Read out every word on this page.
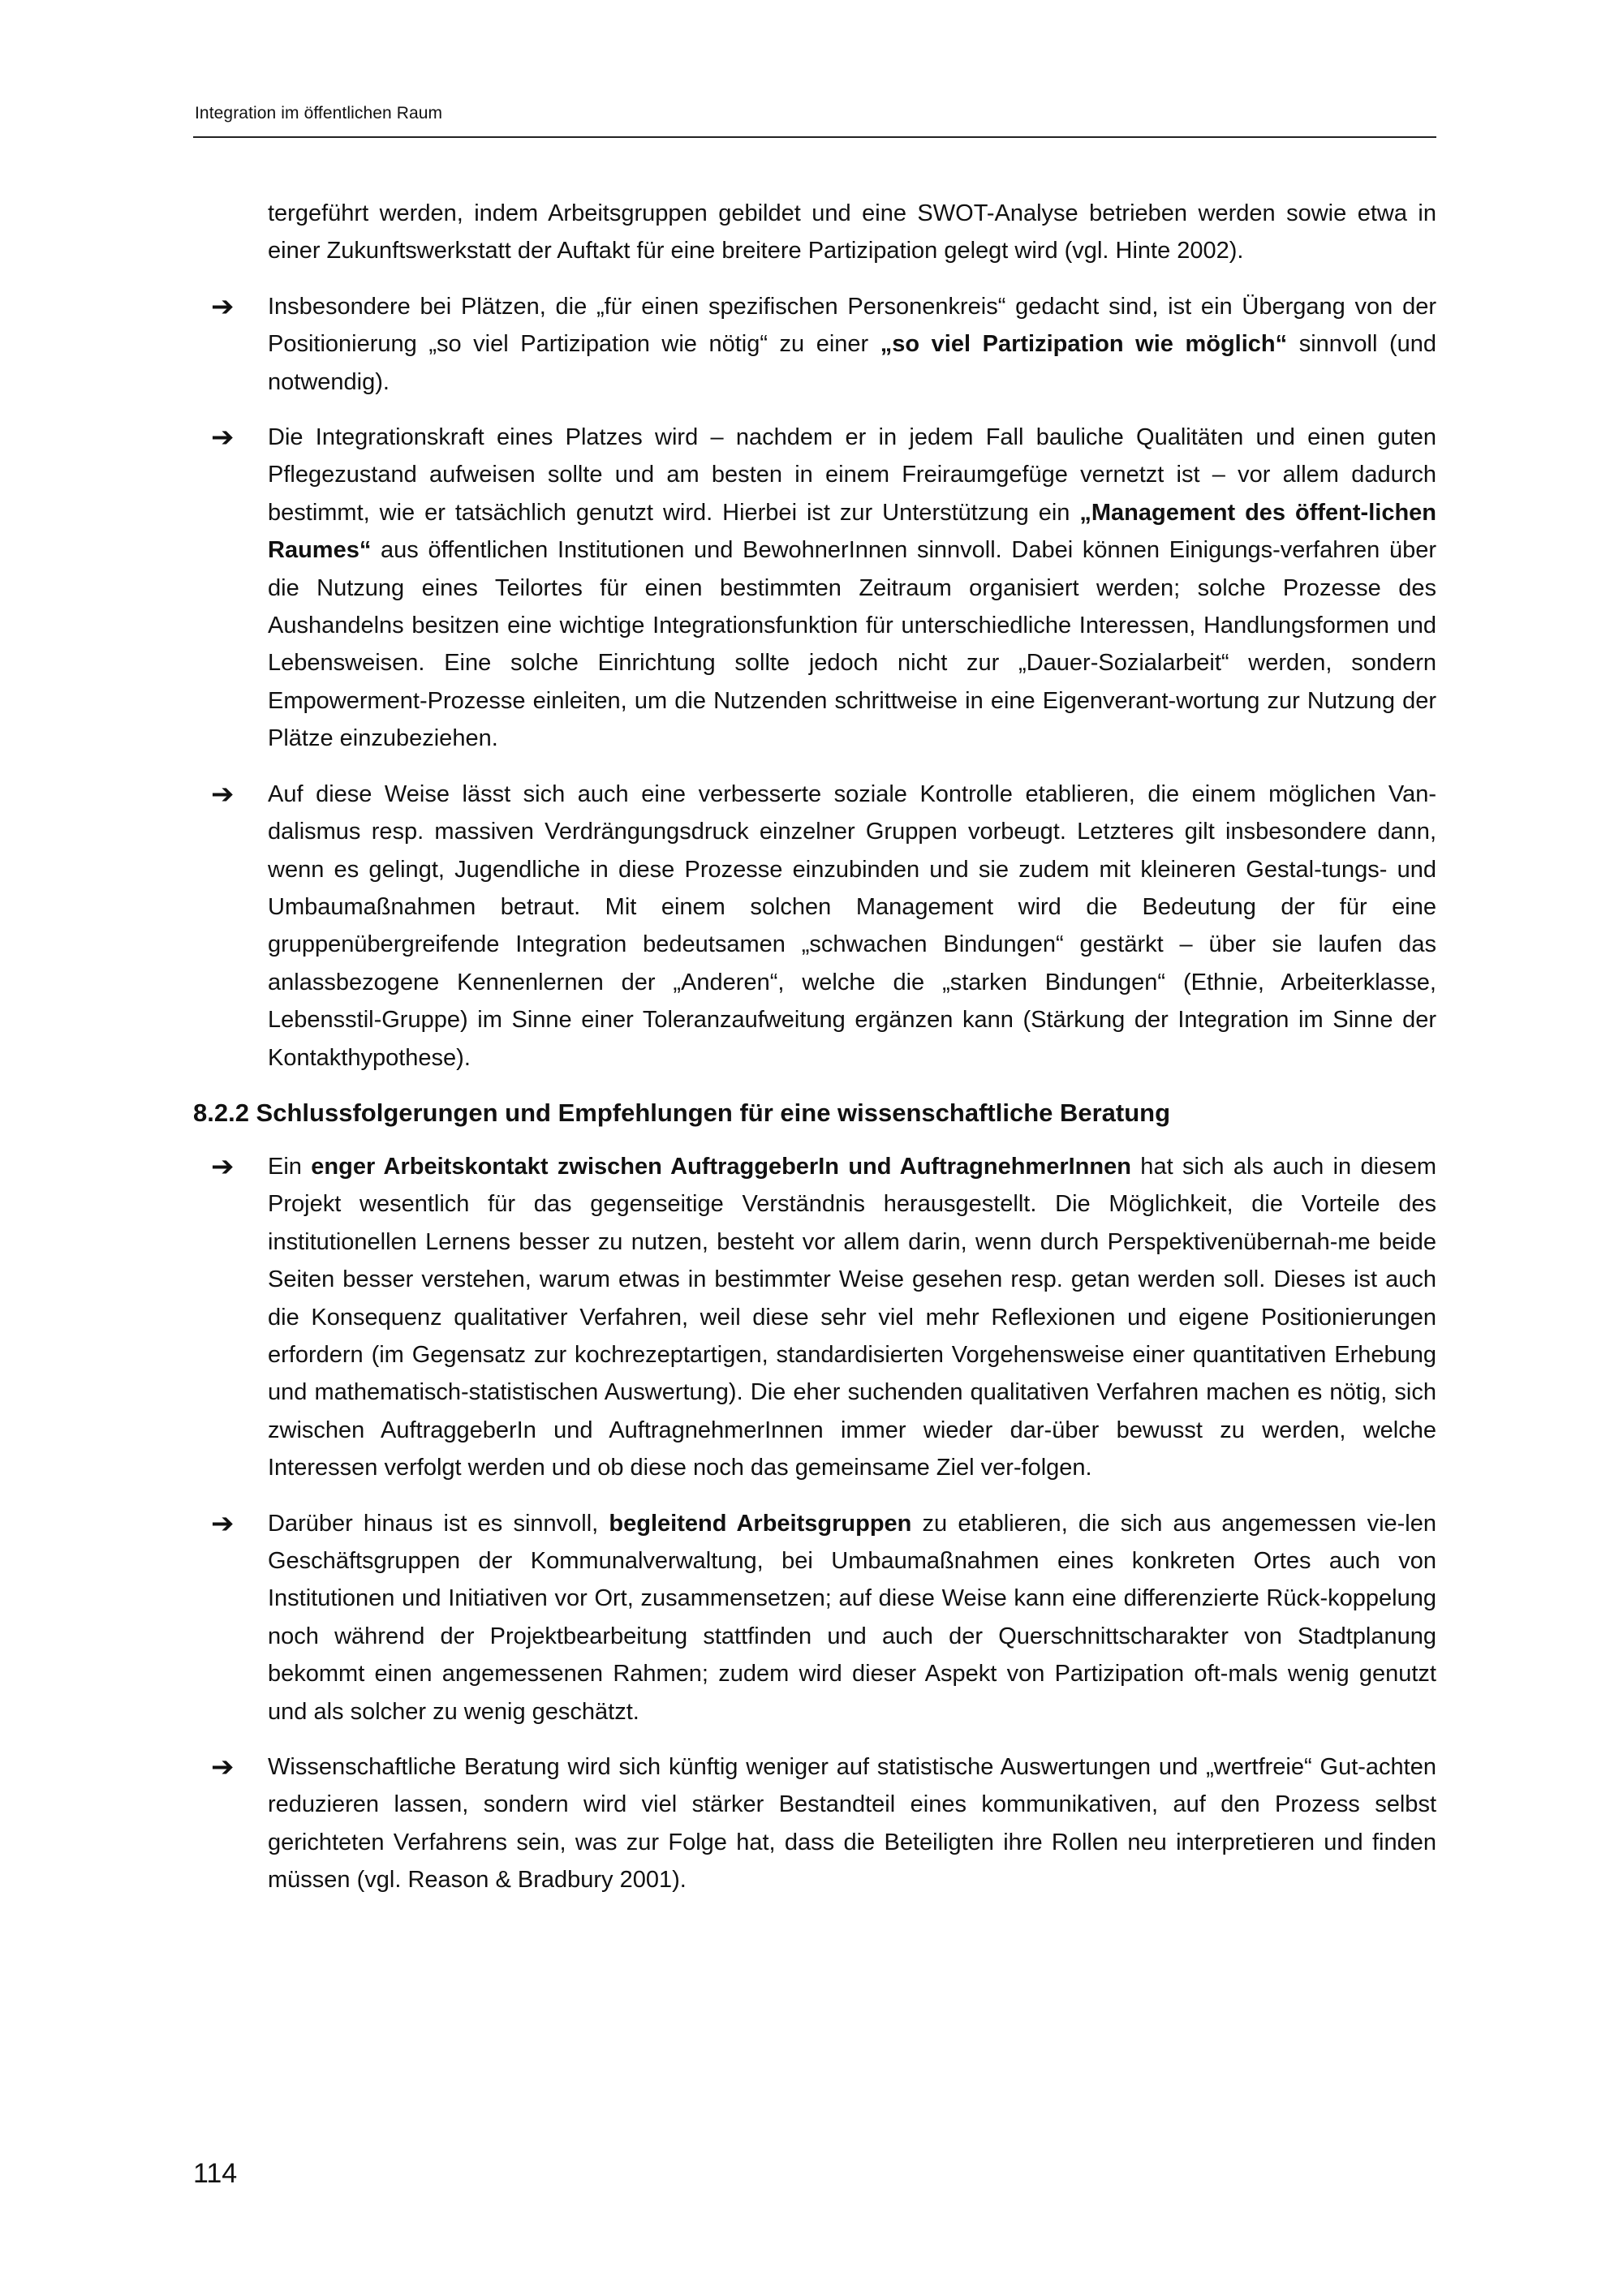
Integration im öffentlichen Raum
tergeführt werden, indem Arbeitsgruppen gebildet und eine SWOT-Analyse betrieben werden sowie etwa in einer Zukunftswerkstatt der Auftakt für eine breitere Partizipation gelegt wird (vgl. Hinte 2002).
➔ Insbesondere bei Plätzen, die „für einen spezifischen Personenkreis“ gedacht sind, ist ein Übergang von der Positionierung „so viel Partizipation wie nötig“ zu einer „so viel Partizipation wie möglich“ sinnvoll (und notwendig).
➔ Die Integrationskraft eines Platzes wird – nachdem er in jedem Fall bauliche Qualitäten und einen guten Pflegezustand aufweisen sollte und am besten in einem Freiraumgefüge vernetzt ist – vor allem dadurch bestimmt, wie er tatsächlich genutzt wird. Hierbei ist zur Unterstützung ein „Management des öffent-lichen Raumes“ aus öffentlichen Institutionen und BewohnerInnen sinnvoll. Dabei können Einigungs-verfahren über die Nutzung eines Teilortes für einen bestimmten Zeitraum organisiert werden; solche Prozesse des Aushandelns besitzen eine wichtige Integrationsfunktion für unterschiedliche Interessen, Handlungsformen und Lebensweisen. Eine solche Einrichtung sollte jedoch nicht zur „Dauer-Sozialarbeit“ werden, sondern Empowerment-Prozesse einleiten, um die Nutzenden schrittweise in eine Eigenverant-wortung zur Nutzung der Plätze einzubeziehen.
➔ Auf diese Weise lässt sich auch eine verbesserte soziale Kontrolle etablieren, die einem möglichen Van-dalismus resp. massiven Verdrängungsdruck einzelner Gruppen vorbeugt. Letzteres gilt insbesondere dann, wenn es gelingt, Jugendliche in diese Prozesse einzubinden und sie zudem mit kleineren Gestal-tungs- und Umbaumaßnahmen betraut. Mit einem solchen Management wird die Bedeutung der für eine gruppenübergreifende Integration bedeutsamen „schwachen Bindungen“ gestärkt – über sie laufen das anlassbezogene Kennenlernen der „Anderen“, welche die „starken Bindungen“ (Ethnie, Arbeiterklasse, Lebensstil-Gruppe) im Sinne einer Toleranzaufweitung ergänzen kann (Stärkung der Integration im Sinne der Kontakthypothese).
8.2.2 Schlussfolgerungen und Empfehlungen für eine wissenschaftliche Beratung
➔ Ein enger Arbeitskontakt zwischen AuftraggeberIn und AuftragnehmerInnen hat sich als auch in diesem Projekt wesentlich für das gegenseitige Verständnis herausgestellt. Die Möglichkeit, die Vorteile des institutionellen Lernens besser zu nutzen, besteht vor allem darin, wenn durch Perspektivenübernah-me beide Seiten besser verstehen, warum etwas in bestimmter Weise gesehen resp. getan werden soll. Dieses ist auch die Konsequenz qualitativer Verfahren, weil diese sehr viel mehr Reflexionen und eigene Positionierungen erfordern (im Gegensatz zur kochrezeptartigen, standardisierten Vorgehensweise einer quantitativen Erhebung und mathematisch-statistischen Auswertung). Die eher suchenden qualitativen Verfahren machen es nötig, sich zwischen AuftraggeberIn und AuftragnehmerInnen immer wieder dar-über bewusst zu werden, welche Interessen verfolgt werden und ob diese noch das gemeinsame Ziel ver-folgen.
➔ Darüber hinaus ist es sinnvoll, begleitend Arbeitsgruppen zu etablieren, die sich aus angemessen vie-len Geschäftsgruppen der Kommunalverwaltung, bei Umbaumaßnahmen eines konkreten Ortes auch von Institutionen und Initiativen vor Ort, zusammensetzen; auf diese Weise kann eine differenzierte Rück-koppelung noch während der Projektbearbeitung stattfinden und auch der Querschnittscharakter von Stadtplanung bekommt einen angemessenen Rahmen; zudem wird dieser Aspekt von Partizipation oft-mals wenig genutzt und als solcher zu wenig geschätzt.
➔ Wissenschaftliche Beratung wird sich künftig weniger auf statistische Auswertungen und „wertfreie“ Gut-achten reduzieren lassen, sondern wird viel stärker Bestandteil eines kommunikativen, auf den Prozess selbst gerichteten Verfahrens sein, was zur Folge hat, dass die Beteiligten ihre Rollen neu interpretieren und finden müssen (vgl. Reason & Bradbury 2001).
114
